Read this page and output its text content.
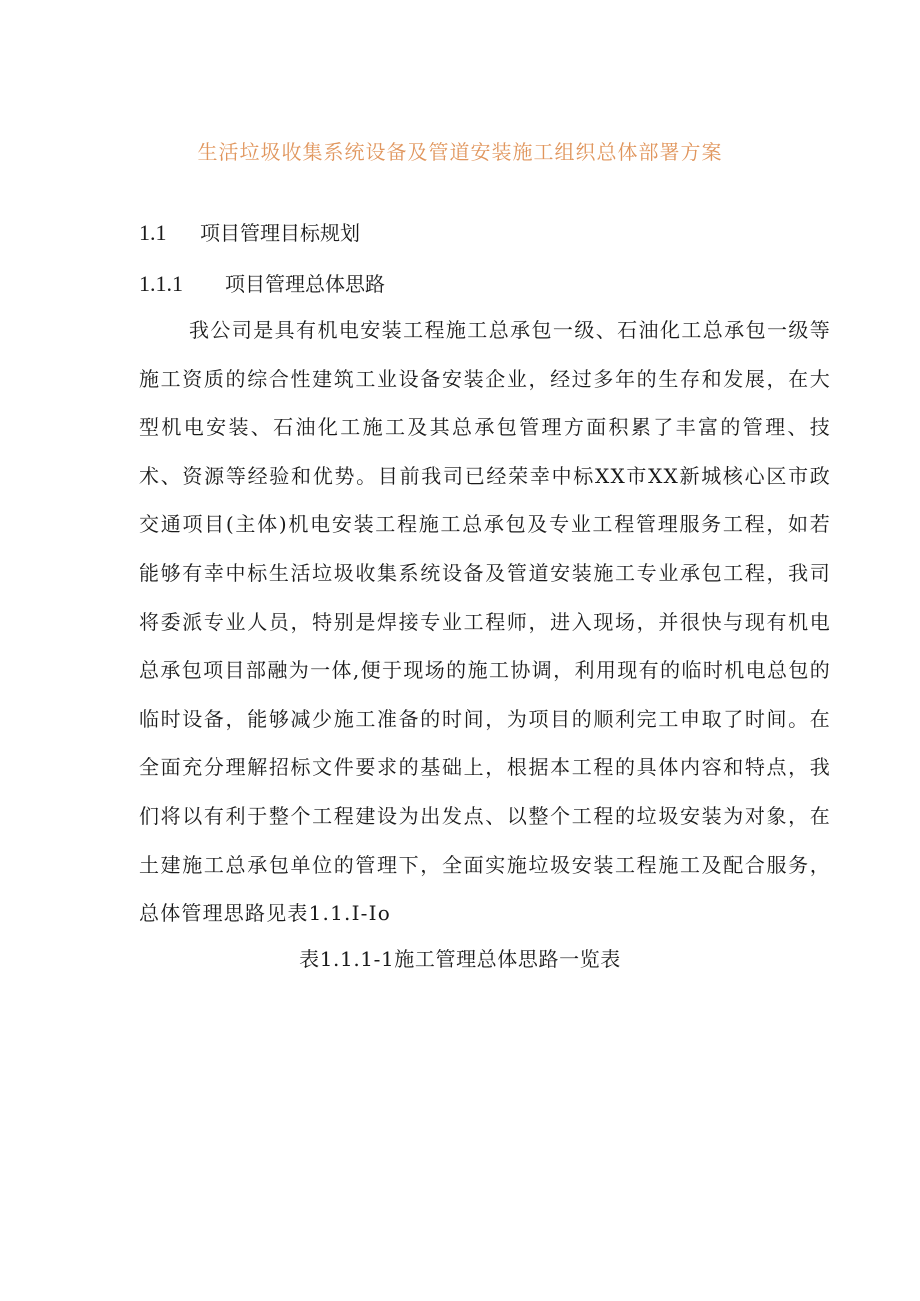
生活垃圾收集系统设备及管道安装施工组织总体部署方案
1.1 项目管理目标规划
1.1.1 项目管理总体思路

我公司是具有机电安装工程施工总承包一级、石油化工总承包一级等施工资质的综合性建筑工业设备安装企业，经过多年的生存和发展，在大型机电安装、石油化工施工及其总承包管理方面积累了丰富的管理、技术、资源等经验和优势。目前我司已经荣幸中标XX市XX新城核心区市政交通项目(主体)机电安装工程施工总承包及专业工程管理服务工程，如若能够有幸中标生活垃圾收集系统设备及管道安装施工专业承包工程，我司将委派专业人员，特别是焊接专业工程师，进入现场，并很快与现有机电总承包项目部融为一体,便于现场的施工协调，利用现有的临时机电总包的临时设备，能够减少施工准备的时间，为项目的顺利完工申取了时间。在全面充分理解招标文件要求的基础上，根据本工程的具体内容和特点，我们将以有利于整个工程建设为出发点、以整个工程的垃圾安装为对象，在土建施工总承包单位的管理下，全面实施垃圾安装工程施工及配合服务，总体管理思路见表1.1.I-Io

表1.1.1-1施工管理总体思路一览表
